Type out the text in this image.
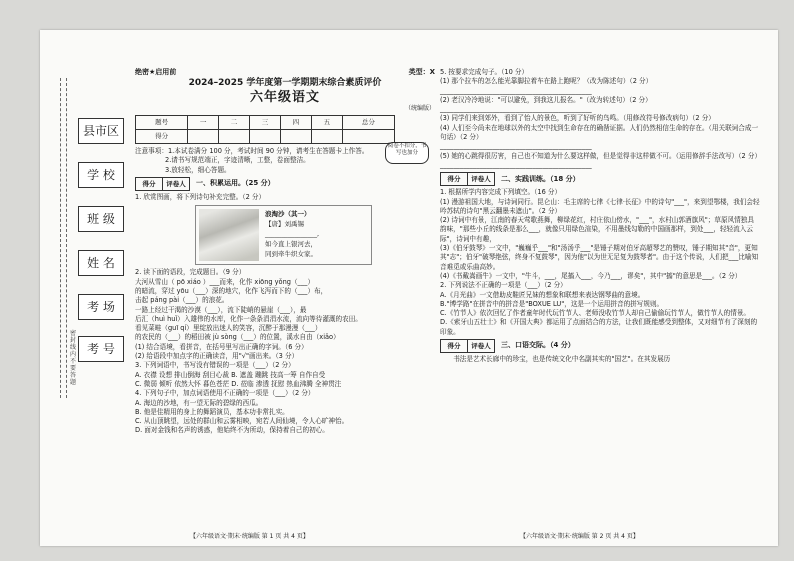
县市区
学 校
班 级
姓 名
考 场
考 号
密封线内不要答题
绝密★启用前	类型：X
2024–2025 学年度第一学期期末综合素质评价
六年级语文
（统编版）
题号	一	二	三	四	五	总分
得分						

注意事项：1.本试卷满分 100 分，考试时间 90 分钟，请考生在答题卡上作答。

2.请书写规范端正，字迹清晰，工整，卷面整洁。

3.放轻松，细心答题。

得分	评卷人	一、积累运用。（25 分）

1. 欣赏图画，将下列诗句补充完整。（2 分）

浪淘沙（其一）
【唐】刘禹锡
________________,
如今直上银河去，
同到牵牛织女家。

2. 读下面的语段，完成题目。（9 分）

大河从雪山（ pō xiáo ）___而来，化作 xiōng yǒng（___）

的暗流，穿过 yōu（___）深的地穴，化作飞泻而下的（___）布，

击起 páng pài（___）的浪花。

一路上经过干渴的沙漠（___），流下陡峭的悬崖（___），最

后汇（huì huǐ）入雄伟的水库，化作一条条涓涓水流，流向等待灌溉的农田。

看见菜畦（guī qí）里绽放出迷人的笑容，沉醉于那漫漫（___）

的农民的（___）的稻田被 jù sòng（___）的位置，溪水自由（xiǎo）

(1) 结合语境，看拼音，在括号里写出正确的字词。（6 分）

(2) 给语段中加点字的正确读音，用"√"画出来。（3 分）

3. 下列词语中，书写没有错误的一项是（___）（2 分）

A. 衣襟 设想 排山倒海 刮目心裁 B. 遮盖 蹦跳 技高一筹 自作自受

C. 微弱 倾听 依然大怀 暮色苍茫 D. 莅临 渗透 抚慰 热血沸腾 全神贯注

4. 下列句子中，加点词语使用不正确的一项是（___）（2 分）

A. 海边的沙地，有一望无际的碧绿的西瓜。

B. 他是佳精用的身上的舞蹈演员，基本功非常扎实。

C. 从山顶眺望，远处的群山和云雾相映，宛若人间仙境，令人心旷神怡。

D. 面对金钱和名声的诱惑，他始终不为所动，保持着自己的初心。

阅卷不扣分，书写也加分

5. 按要求完成句子。（10 分）

(1) 那个拉车的怎么能光靠脚拉着车在路上跑呢？（改为陈述句）（2 分）

______________________________________________

(2) 老汉冷冷地说："可以避免，到我这儿报名。"（改为转述句）（2 分）

______________________________________________

(3) 同学们来到郊外，看到了怡人的景色，听到了好听的鸟鸣。（用修改符号修改病句）（2 分）

(4) 人们至今尚未在地球以外的太空中找到生命存在的确凿证据。人们仍然相信生命的存在。（用关联词合成一句话）（2 分）

______________________________________________

(5) 她的心跳得很厉害，自己也不知道为什么要这样做，但是觉得非这样做不可。（运用修辞手法改写）（2 分）

______________________________________________

得分	评卷人	二、实践训练。（18 分）

1. 根据所学内容完成下列填空。（16 分）

(1) 漫游祖国大地，与诗词同行。昆仑山：毛主席的七律《七律·长征》中的诗句"___"，来到望鄂楼，我们会轻吟苏轼的诗句"黑云翻墨未遮山"。（2 分）

(2) 诗词中有景，江南的春天莺歌燕舞，柳绿花红，村庄依山傍水，"___"，水村山郭酒旗风"；草原风情独具韵味，"那些小丘的线条是那么___，就像只用绿色渲染，不用墨线勾勒的中国画那样，到处___，轻轻流入云际"，诗词中有趣，

(3)《伯牙鼓琴》一文中，"巍巍乎___"和"汤汤乎___"是锤子期对伯牙高超琴艺的赞叹，锤子期知其"音"，更知其"志"；伯牙"破琴绝弦，终身不复鼓琴"，因为他"以为世无足复为鼓琴者"。由于这个传说，人们把___比喻知音难觅或乐曲高妙。

(4)《书戴嵩画牛》一文中，"牛斗，___，尾搐入___，今乃___，谬矣"，其中"搐"的意思是___。（2 分）

2. 下列说法不正确的一项是（___）（2 分）

A.《月光曲》一文借助皮鞋匠兄妹的想象和联想来表达钢琴曲的意境。

B."博学路"在拼音中的拼音是"BOXUE LU"，这是一个运用拼音的拼写规则。

C.《竹节人》依次回忆了作者童年时代玩竹节人、老师没收竹节人却自己偷偷玩竹节人，做竹节人的情景。

D.《索牙山五壮士》和《开国大典》都运用了点面结合的方法，让我们既能感受到整体，又对细节有了深刻的印象。

得分	评卷人	三、口语交际。（4 分）

书法是艺术长廊中的珍宝，也是传统文化中名副其实的"国艺"。在其发展历

【六年级语文·期末·统编版 第 1 页 共 4 页】	【六年级语文·期末·统编版 第 2 页 共 4 页】
